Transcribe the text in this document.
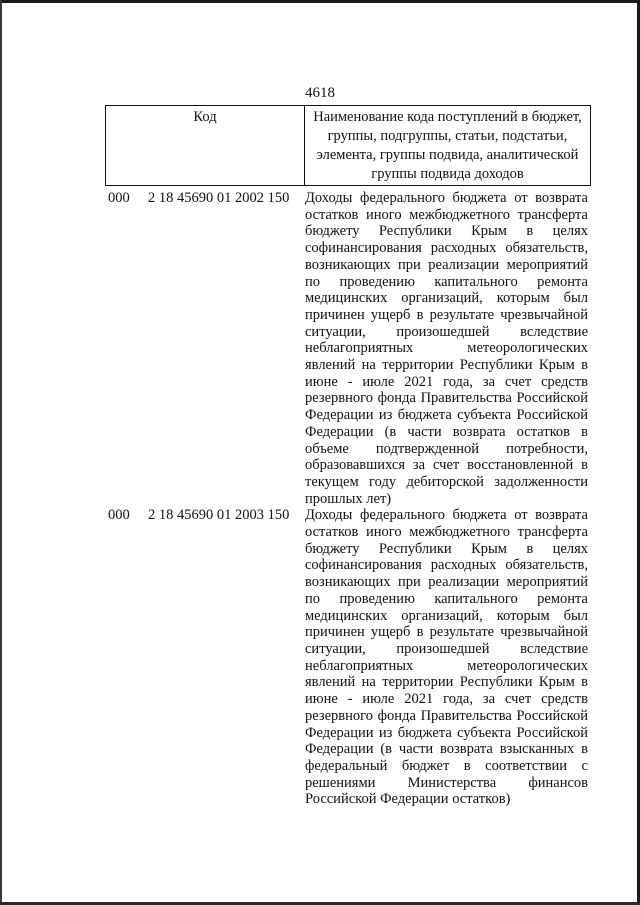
4618
Код	Наименование кода поступлений в бюджет, группы, подгруппы, статьи, подстатьи, элемента, группы подвида, аналитической группы подвида доходов
000	2 18 45690 01 2002 150	Доходы федерального бюджета от возврата остатков иного межбюджетного трансферта бюджету Республики Крым в целях софинансирования расходных обязательств, возникающих при реализации мероприятий по проведению капитального ремонта медицинских организаций, которым был причинен ущерб в результате чрезвычайной ситуации, произошедшей вследствие неблагоприятных метеорологических явлений на территории Республики Крым в июне - июле 2021 года, за счет средств резервного фонда Правительства Российской Федерации из бюджета субъекта Российской Федерации (в части возврата остатков в объеме подтвержденной потребности, образовавшихся за счет восстановленной в текущем году дебиторской задолженности прошлых лет)
000	2 18 45690 01 2003 150	Доходы федерального бюджета от возврата остатков иного межбюджетного трансферта бюджету Республики Крым в целях софинансирования расходных обязательств, возникающих при реализации мероприятий по проведению капитального ремонта медицинских организаций, которым был причинен ущерб в результате чрезвычайной ситуации, произошедшей вследствие неблагоприятных метеорологических явлений на территории Республики Крым в июне - июле 2021 года, за счет средств резервного фонда Правительства Российской Федерации из бюджета субъекта Российской Федерации (в части возврата взысканных в федеральный бюджет в соответствии с решениями Министерства финансов Российской Федерации остатков)
